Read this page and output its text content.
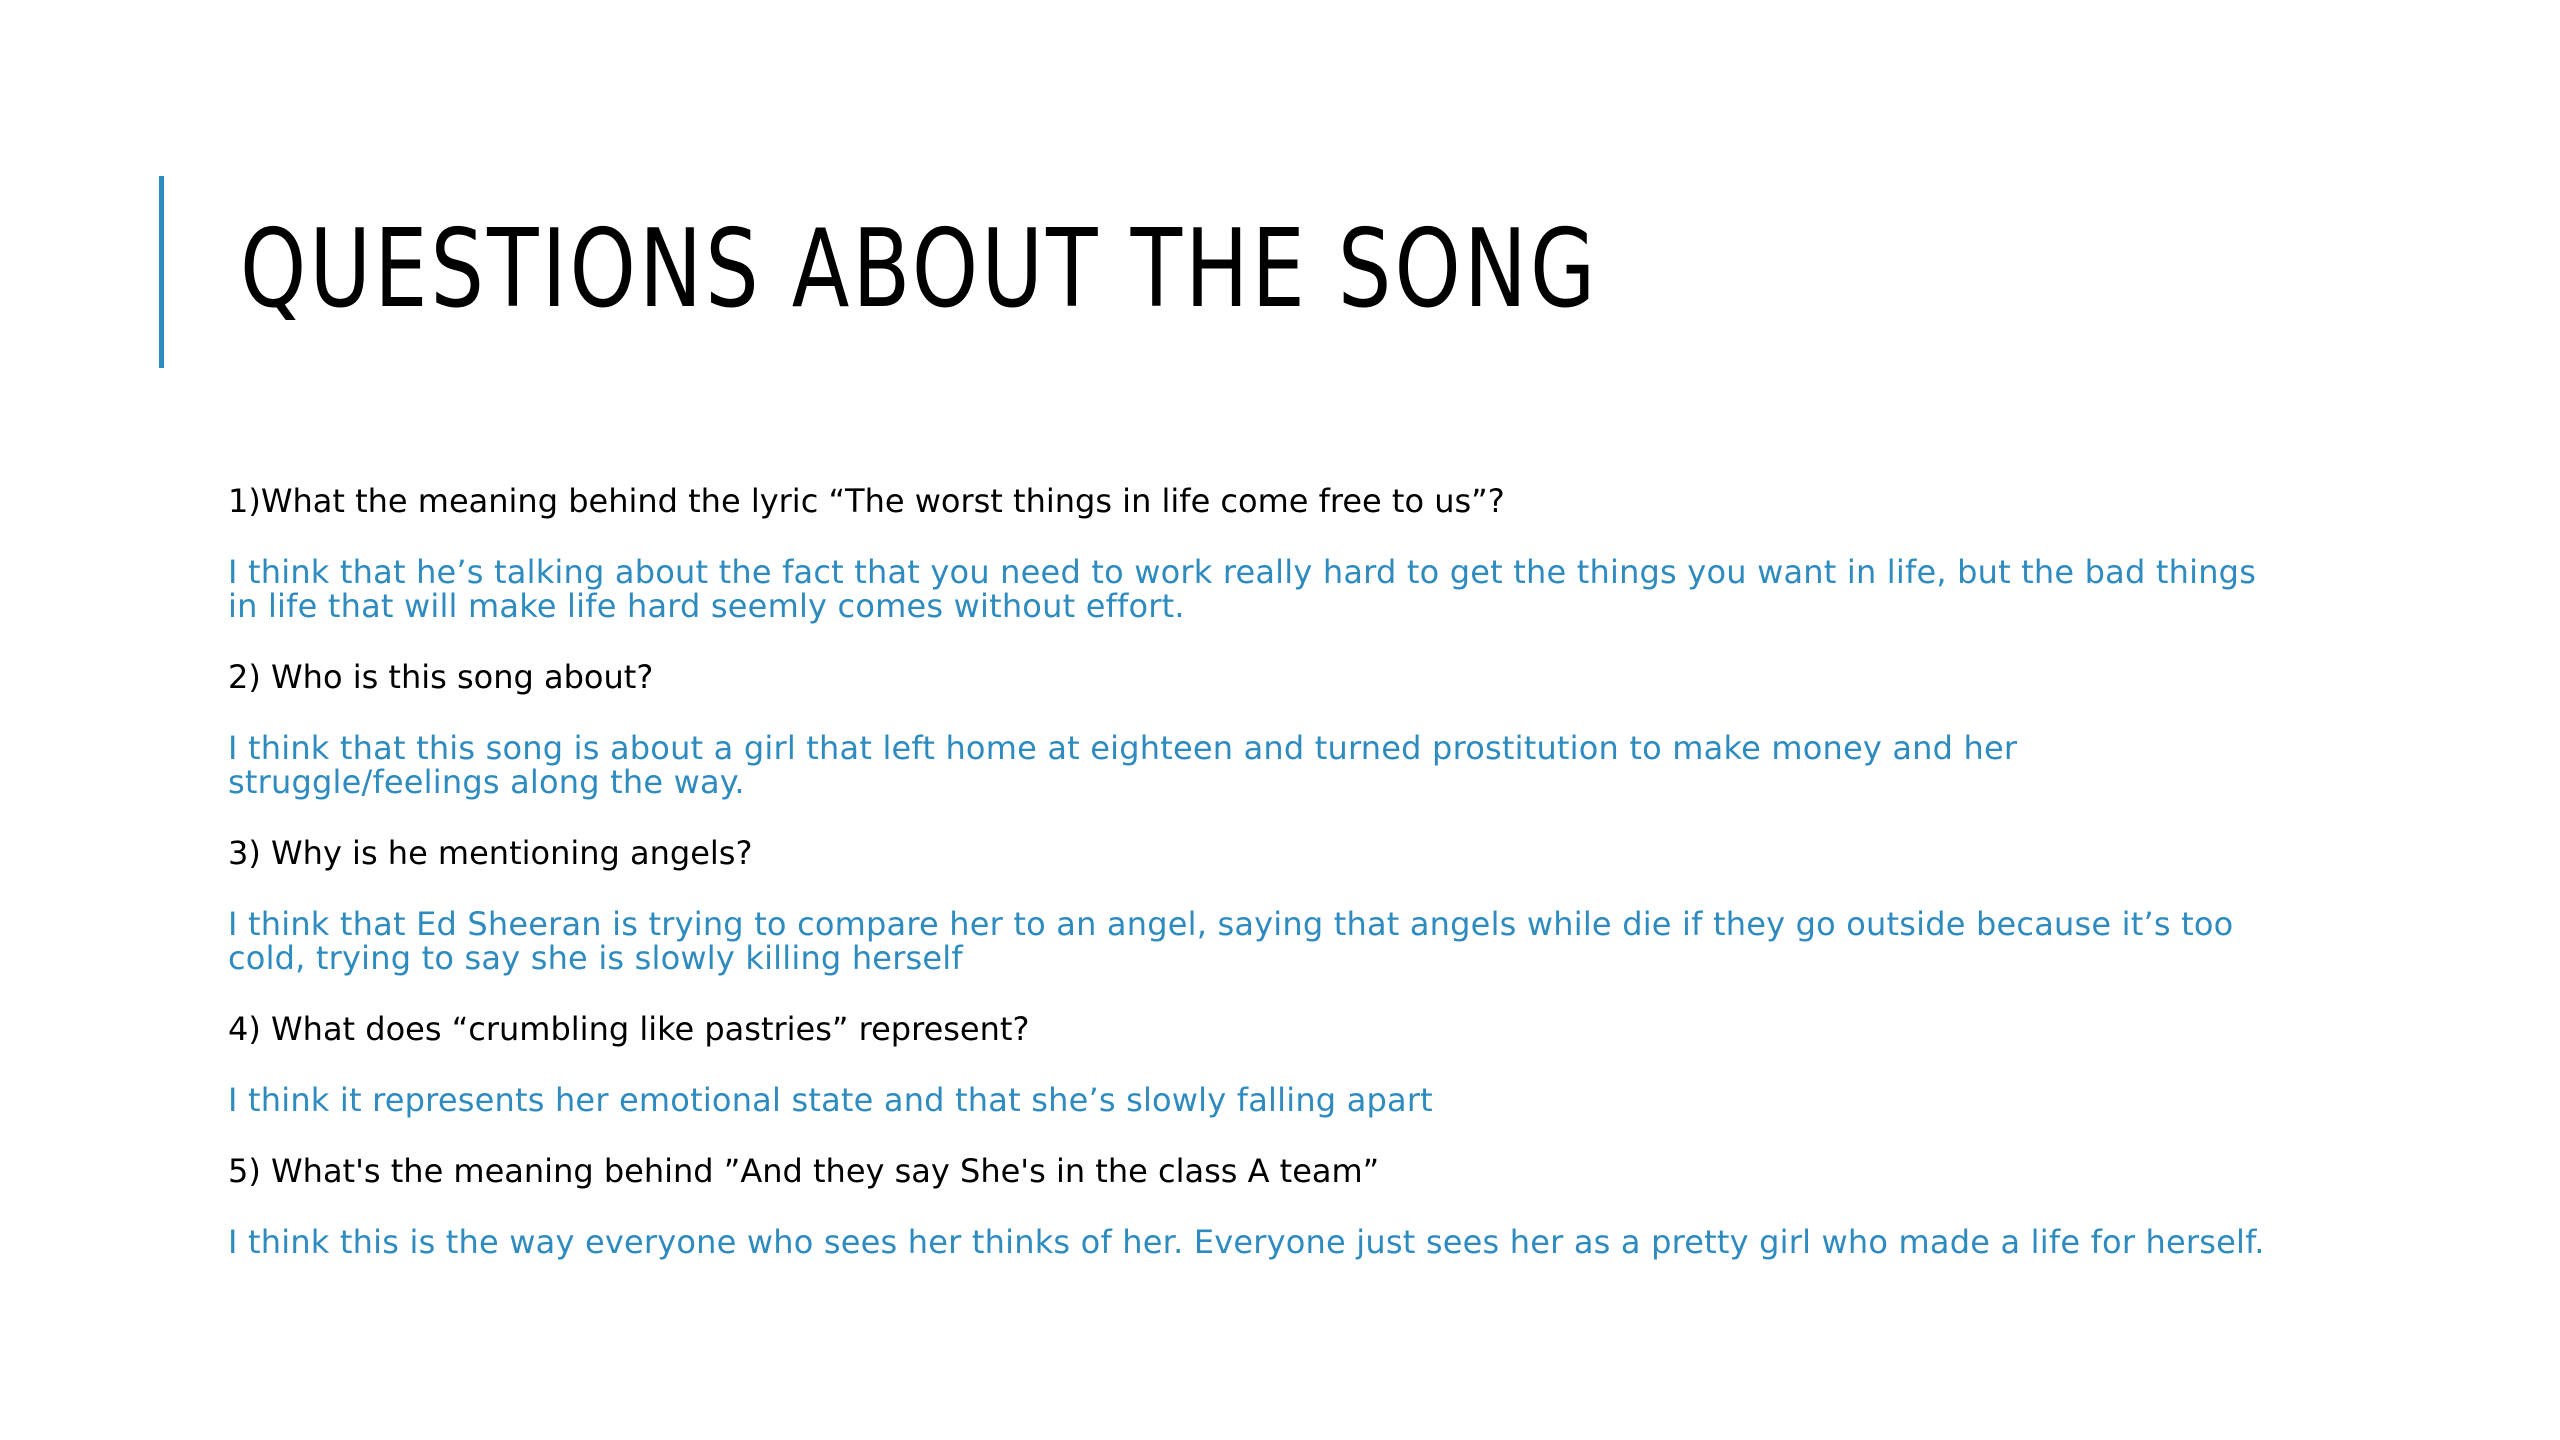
QUESTIONS ABOUT THE SONG

1)What the meaning behind the lyric “The worst things in life come free to us”?

I think that he’s talking about the fact that you need to work really hard to get the things you want in life, but the bad things in life that will make life hard seemly comes without effort.

2) Who is this song about?

I think that this song is about a girl that left home at eighteen and turned prostitution to make money and her struggle/feelings along the way.

3) Why is he mentioning angels?

I think that Ed Sheeran is trying to compare her to an angel, saying that angels while die if they go outside because it’s too cold, trying to say she is slowly killing herself

4) What does “crumbling like pastries” represent?

I think it represents her emotional state and that she’s slowly falling apart

5) What's the meaning behind ”And they say She's in the class A team”

I think this is the way everyone who sees her thinks of her. Everyone just sees her as a pretty girl who made a life for herself.
